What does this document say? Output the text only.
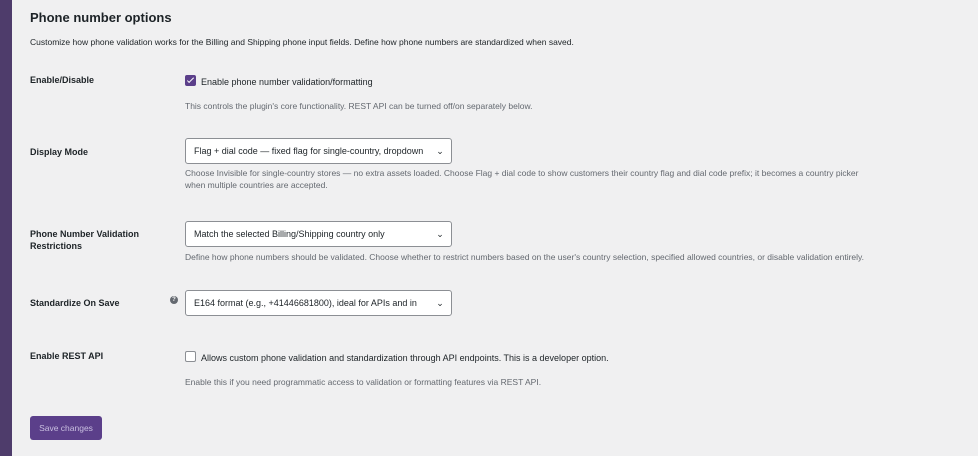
Phone number options

Customize how phone validation works for the Billing and Shipping phone input fields. Define how phone numbers are standardized when saved.

Enable/Disable	Enable phone number validation/formatting

This controls the plugin's core functionality. REST API can be turned off/on separately below.

Display Mode	Flag + dial code — fixed flag for single-country, dropdown ⌄

Choose Invisible for single-country stores — no extra assets loaded. Choose Flag + dial code to show customers their country flag and dial code prefix; it becomes a country picker
when multiple countries are accepted.

Phone Number Validation
Restrictions
Match the selected Billing/Shipping country only	⌄

Define how phone numbers should be validated. Choose whether to restrict numbers based on the user's country selection, specified allowed countries, or disable validation entirely.

Standardize On Save	?	E164 format (e.g., +41446681800), ideal for APIs and in ⌄
Enable REST API	Allows custom phone validation and standardization through API endpoints. This is a developer option.

Enable this if you need programmatic access to validation or formatting features via REST API.

Save changes
